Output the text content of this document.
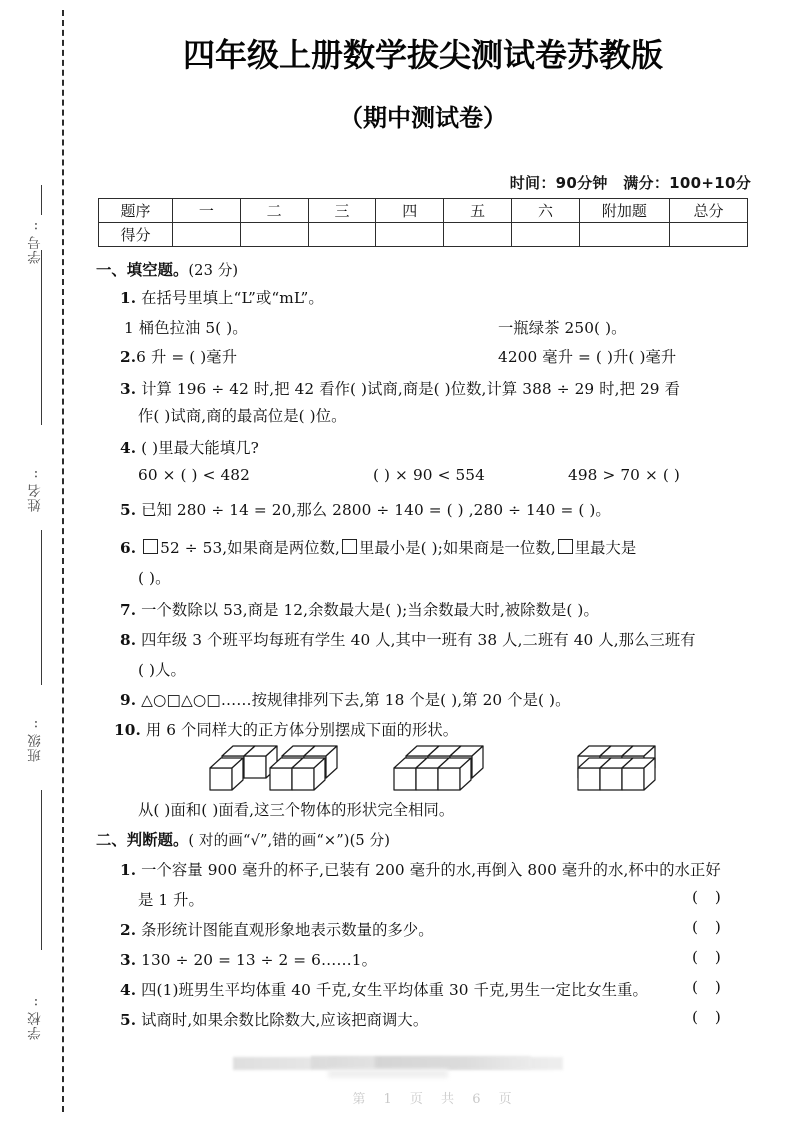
学号:
姓名:
班级:
学校:
四年级上册数学拔尖测试卷苏教版
（期中测试卷）
时间：90分钟 满分：100+10分
题序	一	二	三	四	五	六	附加题	总分
得分								
一、填空题。(23 分)
1. 在括号里填上“L”或“mL”。
1 桶色拉油 5( )。	一瓶绿茶 250( )。
2.6 升 = ( )毫升	4200 毫升 = ( )升( )毫升
3. 计算 196 ÷ 42 时,把 42 看作( )试商,商是( )位数,计算 388 ÷ 29 时,把 29 看
作( )试商,商的最高位是( )位。
4. ( )里最大能填几?
60 × ( ) < 482	( ) × 90 < 554	498 > 70 × ( )
5. 已知 280 ÷ 14 = 20,那么 2800 ÷ 140 = ( ) ,280 ÷ 140 = ( )。
6. 52 ÷ 53,如果商是两位数, 里最小是( );如果商是一位数, 里最大是
( )。
7. 一个数除以 53,商是 12,余数最大是( );当余数最大时,被除数是( )。
8. 四年级 3 个班平均每班有学生 40 人,其中一班有 38 人,二班有 40 人,那么三班有
( )人。
9. △○□△○□……按规律排列下去,第 18 个是( ),第 20 个是( )。
10. 用 6 个同样大的正方体分别摆成下面的形状。
从( )面和( )面看,这三个物体的形状完全相同。
二、判断题。( 对的画“√”,错的画“×”)(5 分)
1. 一个容量 900 毫升的杯子,已装有 200 毫升的水,再倒入 800 毫升的水,杯中的水正好
是 1 升。	( )
2. 条形统计图能直观形象地表示数量的多少。	( )
3. 130 ÷ 20 = 13 ÷ 2 = 6……1。	( )
4. 四(1)班男生平均体重 40 千克,女生平均体重 30 千克,男生一定比女生重。	( )
5. 试商时,如果余数比除数大,应该把商调大。	( )
第 1 页 共 6 页
